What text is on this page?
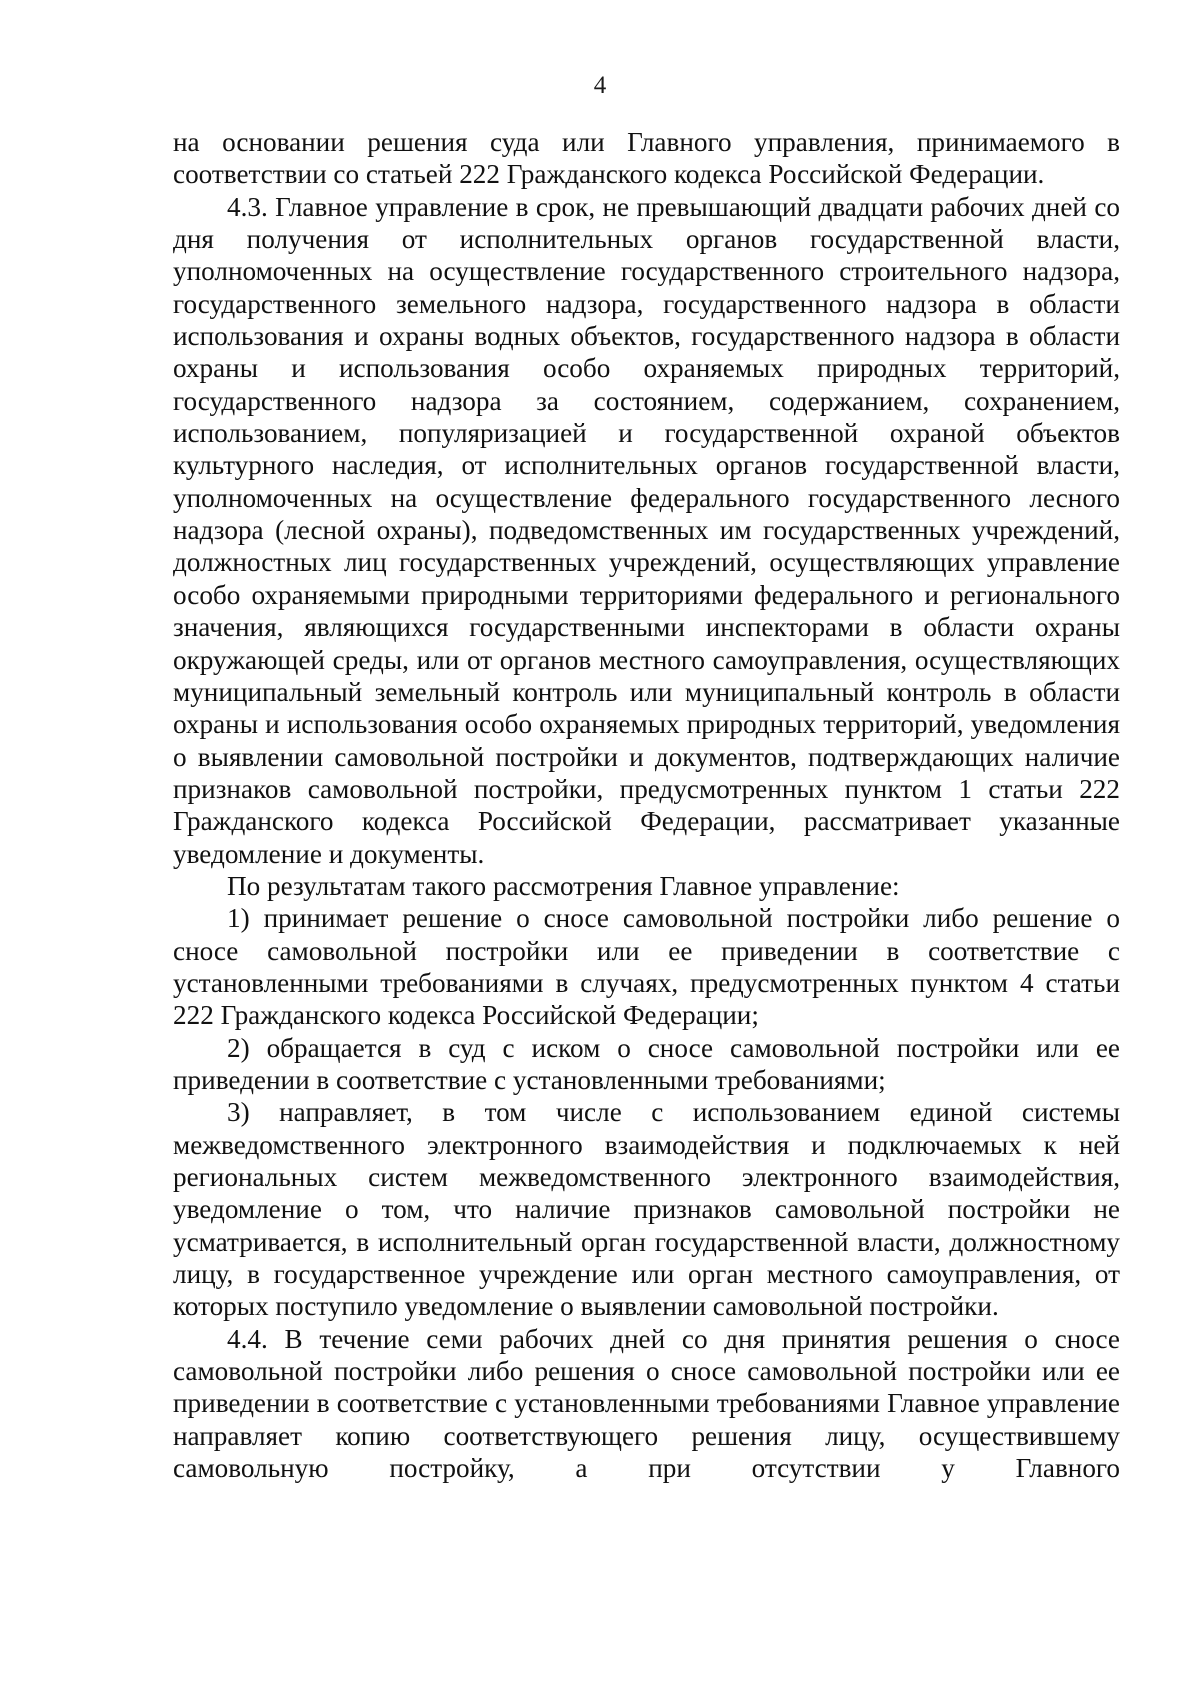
4

на основании решения суда или Главного управления, принимаемого в соответствии со статьей 222 Гражданского кодекса Российской Федерации.

4.3. Главное управление в срок, не превышающий двадцати рабочих дней со дня получения от исполнительных органов государственной власти, уполномоченных на осуществление государственного строительного надзора, государственного земельного надзора, государственного надзора в области использования и охраны водных объектов, государственного надзора в области охраны и использования особо охраняемых природных территорий, государственного надзора за состоянием, содержанием, сохранением, использованием, популяризацией и государственной охраной объектов культурного наследия, от исполнительных органов государственной власти, уполномоченных на осуществление федерального государственного лесного надзора (лесной охраны), подведомственных им государственных учреждений, должностных лиц государственных учреждений, осуществляющих управление особо охраняемыми природными территориями федерального и регионального значения, являющихся государственными инспекторами в области охраны окружающей среды, или от органов местного самоуправления, осуществляющих муниципальный земельный контроль или муниципальный контроль в области охраны и использования особо охраняемых природных территорий, уведомления о выявлении самовольной постройки и документов, подтверждающих наличие признаков самовольной постройки, предусмотренных пунктом 1 статьи 222 Гражданского кодекса Российской Федерации, рассматривает указанные уведомление и документы.

По результатам такого рассмотрения Главное управление:

1) принимает решение о сносе самовольной постройки либо решение о сносе самовольной постройки или ее приведении в соответствие с установленными требованиями в случаях, предусмотренных пунктом 4 статьи 222 Гражданского кодекса Российской Федерации;

2) обращается в суд с иском о сносе самовольной постройки или ее приведении в соответствие с установленными требованиями;

3) направляет, в том числе с использованием единой системы межведомственного электронного взаимодействия и подключаемых к ней региональных систем межведомственного электронного взаимодействия, уведомление о том, что наличие признаков самовольной постройки не усматривается, в исполнительный орган государственной власти, должностному лицу, в государственное учреждение или орган местного самоуправления, от которых поступило уведомление о выявлении самовольной постройки.

4.4. В течение семи рабочих дней со дня принятия решения о сносе самовольной постройки либо решения о сносе самовольной постройки или ее приведении в соответствие с установленными требованиями Главное управление направляет копию соответствующего решения лицу, осуществившему самовольную постройку, а при отсутствии у Главного
